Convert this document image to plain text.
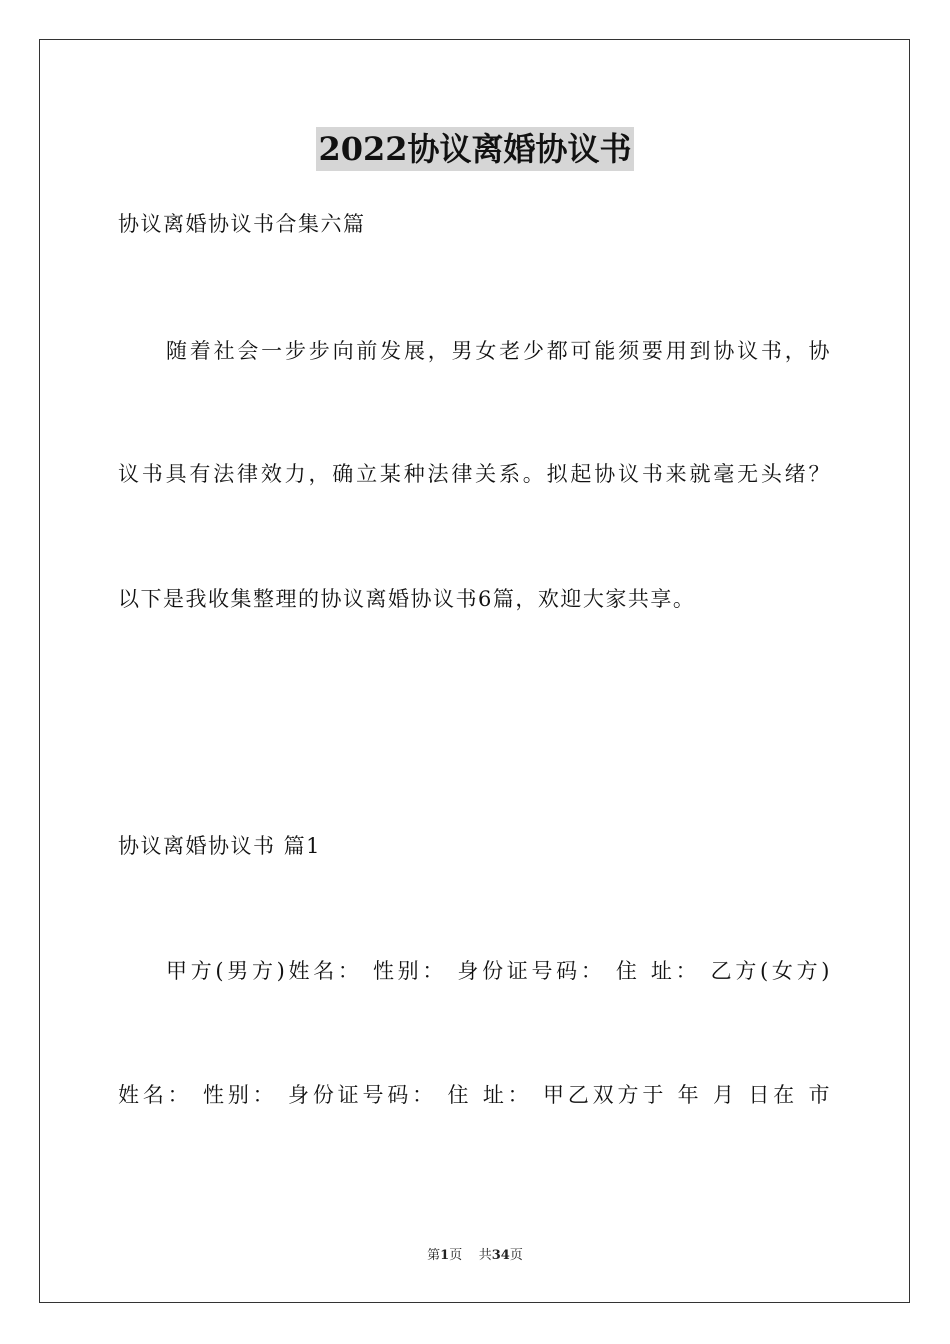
2022协议离婚协议书
协议离婚协议书合集六篇
随着社会一步步向前发展，男女老少都可能须要用到协议书，协
议书具有法律效力，确立某种法律关系。拟起协议书来就毫无头绪？
以下是我收集整理的协议离婚协议书6篇，欢迎大家共享。
协议离婚协议书 篇1
甲方(男方)姓名： 性别： 身份证号码： 住 址： 乙方(女方)
姓名： 性别： 身份证号码： 住 址： 甲乙双方于 年 月 日在 市
第1页 共34页
